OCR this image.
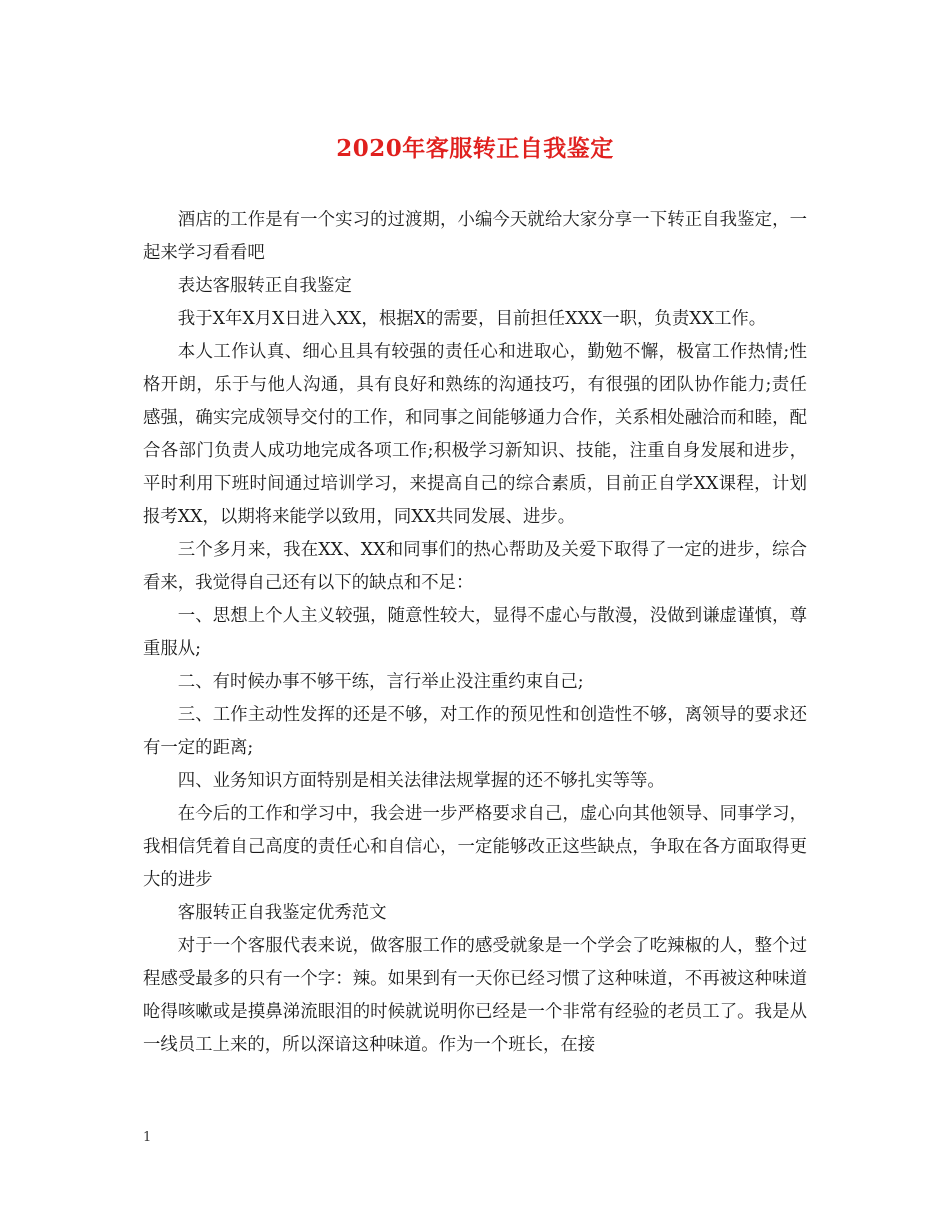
2020年客服转正自我鉴定

酒店的工作是有一个实习的过渡期，小编今天就给大家分享一下转正自我鉴定，一起来学习看看吧

表达客服转正自我鉴定

我于X年X月X日进入XX，根据X的需要，目前担任XXX一职，负责XX工作。

本人工作认真、细心且具有较强的责任心和进取心，勤勉不懈，极富工作热情;性格开朗，乐于与他人沟通，具有良好和熟练的沟通技巧，有很强的团队协作能力;责任感强，确实完成领导交付的工作，和同事之间能够通力合作，关系相处融洽而和睦，配合各部门负责人成功地完成各项工作;积极学习新知识、技能，注重自身发展和进步，平时利用下班时间通过培训学习，来提高自己的综合素质，目前正自学XX课程，计划报考XX，以期将来能学以致用，同XX共同发展、进步。

三个多月来，我在XX、XX和同事们的热心帮助及关爱下取得了一定的进步，综合看来，我觉得自己还有以下的缺点和不足：

一、思想上个人主义较强，随意性较大，显得不虚心与散漫，没做到谦虚谨慎，尊重服从;

二、有时候办事不够干练，言行举止没注重约束自己;

三、工作主动性发挥的还是不够，对工作的预见性和创造性不够，离领导的要求还有一定的距离;

四、业务知识方面特别是相关法律法规掌握的还不够扎实等等。

在今后的工作和学习中，我会进一步严格要求自己，虚心向其他领导、同事学习，我相信凭着自己高度的责任心和自信心，一定能够改正这些缺点，争取在各方面取得更大的进步

客服转正自我鉴定优秀范文

对于一个客服代表来说，做客服工作的感受就象是一个学会了吃辣椒的人，整个过程感受最多的只有一个字：辣。如果到有一天你已经习惯了这种味道，不再被这种味道呛得咳嗽或是摸鼻涕流眼泪的时候就说明你已经是一个非常有经验的老员工了。我是从一线员工上来的，所以深谙这种味道。作为一个班长，在接

1
